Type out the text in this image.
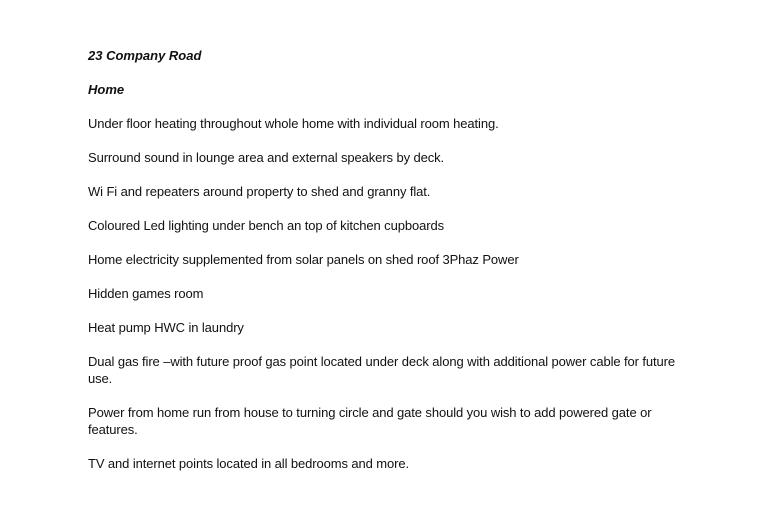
23 Company Road
Home
Under floor heating throughout whole home with individual room heating.
Surround sound in lounge area and external speakers by deck.
Wi Fi and repeaters around property to shed and granny flat.
Coloured Led lighting under bench an top of kitchen cupboards
Home electricity supplemented from solar panels on shed roof 3Phaz Power
Hidden games room
Heat pump HWC in laundry
Dual gas fire –with future proof gas point located under deck along with additional power cable for future use.
Power from home run from house to turning circle and gate should you wish to add powered gate or features.
TV and internet points located in all bedrooms and more.
